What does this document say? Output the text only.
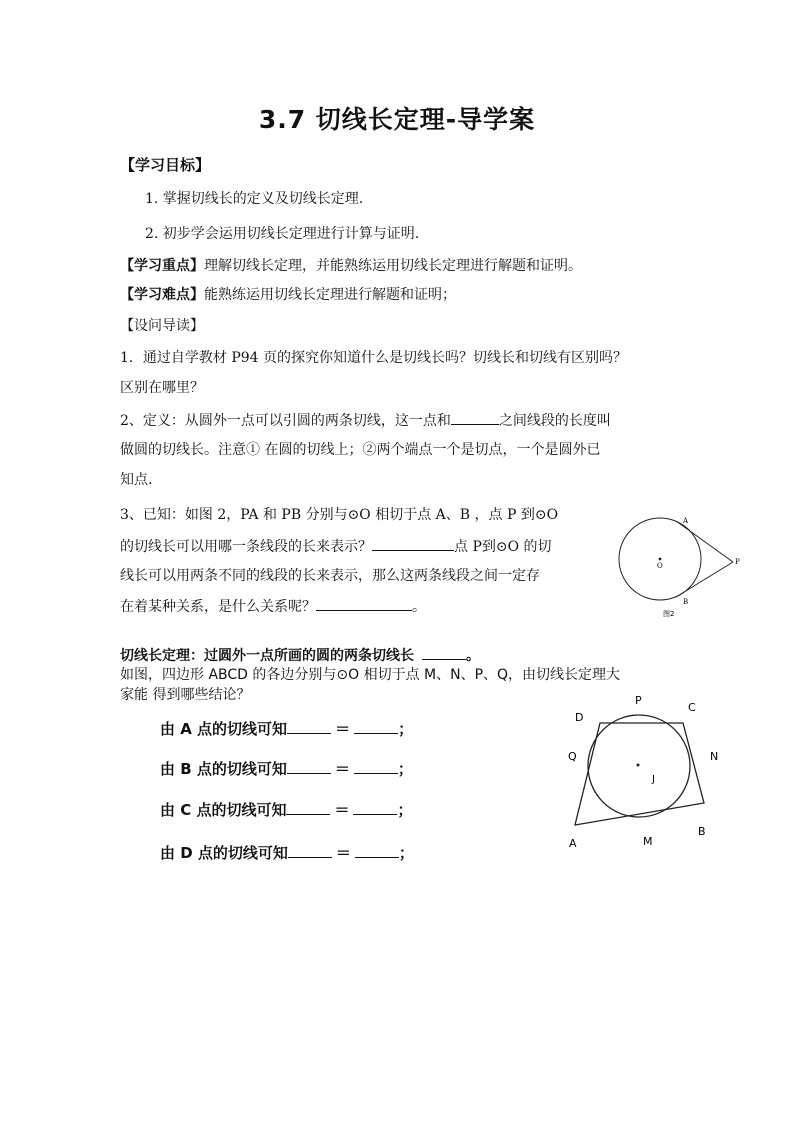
3.7 切线长定理-导学案
【学习目标】
1. 掌握切线长的定义及切线长定理.
2. 初步学会运用切线长定理进行计算与证明.
【学习重点】理解切线长定理，并能熟练运用切线长定理进行解题和证明。
【学习难点】能熟练运用切线长定理进行解题和证明；
【设问导读】
1．通过自学教材 P94 页的探究你知道什么是切线长吗？切线长和切线有区别吗？
区别在哪里？
2、定义：从圆外一点可以引圆的两条切线，这一点和	之间线段的长度叫
做圆的切线长。注意① 在圆的切线上；②两个端点一个是切点，一个是圆外已
知点.
3、已知：如图 2，PA 和 PB 分别与⊙O 相切于点 A、B ，点 P 到⊙O
的切线长可以用哪一条线段的长来表示？	点 P到⊙O 的切
线长可以用两条不同的线段的长来表示，那么这两条线段之间一定存
在着某种关系，是什么关系呢？	。
A
B
P
O
图2
切线长定理：过圆外一点所画的圆的两条切线长	。
如图，四边形 ABCD 的各边分别与⊙O 相切于点 M、N、P、Q，由切线长定理大
家能 得到哪些结论？
由 A 点的切线可知	＝	；
由 B 点的切线可知	＝	；
由 C 点的切线可知	＝	；
由 D 点的切线可知	＝	；
J
A
B
C
D
M
N
P
Q
